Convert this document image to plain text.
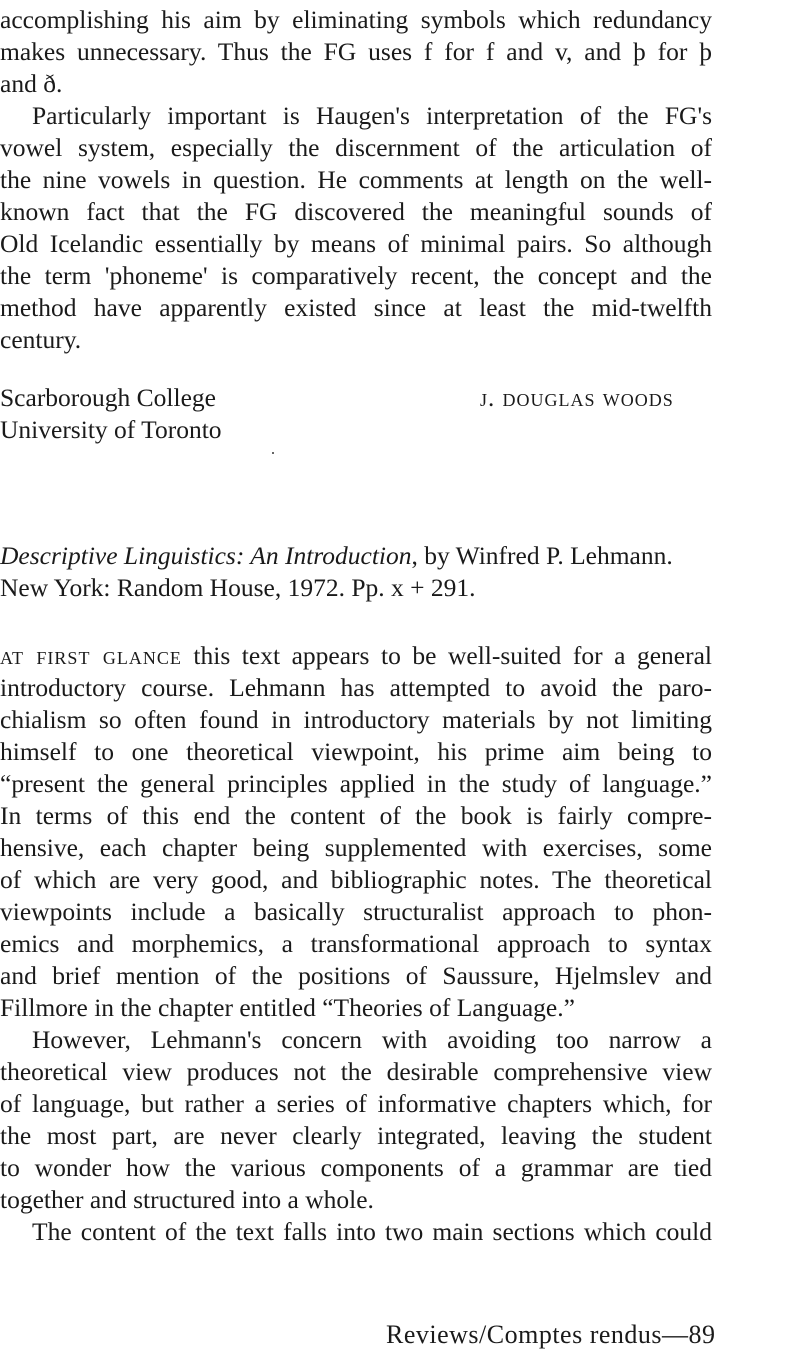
accomplishing his aim by eliminating symbols which redundancy
makes unnecessary. Thus the FG uses f for f and v, and þ for þ
and ð.
Particularly important is Haugen's interpretation of the FG's
vowel system, especially the discernment of the articulation of
the nine vowels in question. He comments at length on the well-
known fact that the FG discovered the meaningful sounds of
Old Icelandic essentially by means of minimal pairs. So although
the term 'phoneme' is comparatively recent, the concept and the
method have apparently existed since at least the mid-twelfth
century.
Scarborough College
University of Toronto
j. douglas woods
Descriptive Linguistics: An Introduction, by Winfred P. Lehmann.
New York: Random House, 1972. Pp. x + 291.
at first glance this text appears to be well-suited for a general
introductory course. Lehmann has attempted to avoid the paro-
chialism so often found in introductory materials by not limiting
himself to one theoretical viewpoint, his prime aim being to
“present the general principles applied in the study of language.”
In terms of this end the content of the book is fairly compre-
hensive, each chapter being supplemented with exercises, some
of which are very good, and bibliographic notes. The theoretical
viewpoints include a basically structuralist approach to phon-
emics and morphemics, a transformational approach to syntax
and brief mention of the positions of Saussure, Hjelmslev and
Fillmore in the chapter entitled “Theories of Language.”
However, Lehmann's concern with avoiding too narrow a
theoretical view produces not the desirable comprehensive view
of language, but rather a series of informative chapters which, for
the most part, are never clearly integrated, leaving the student
to wonder how the various components of a grammar are tied
together and structured into a whole.
The content of the text falls into two main sections which could
Reviews/Comptes rendus—89
